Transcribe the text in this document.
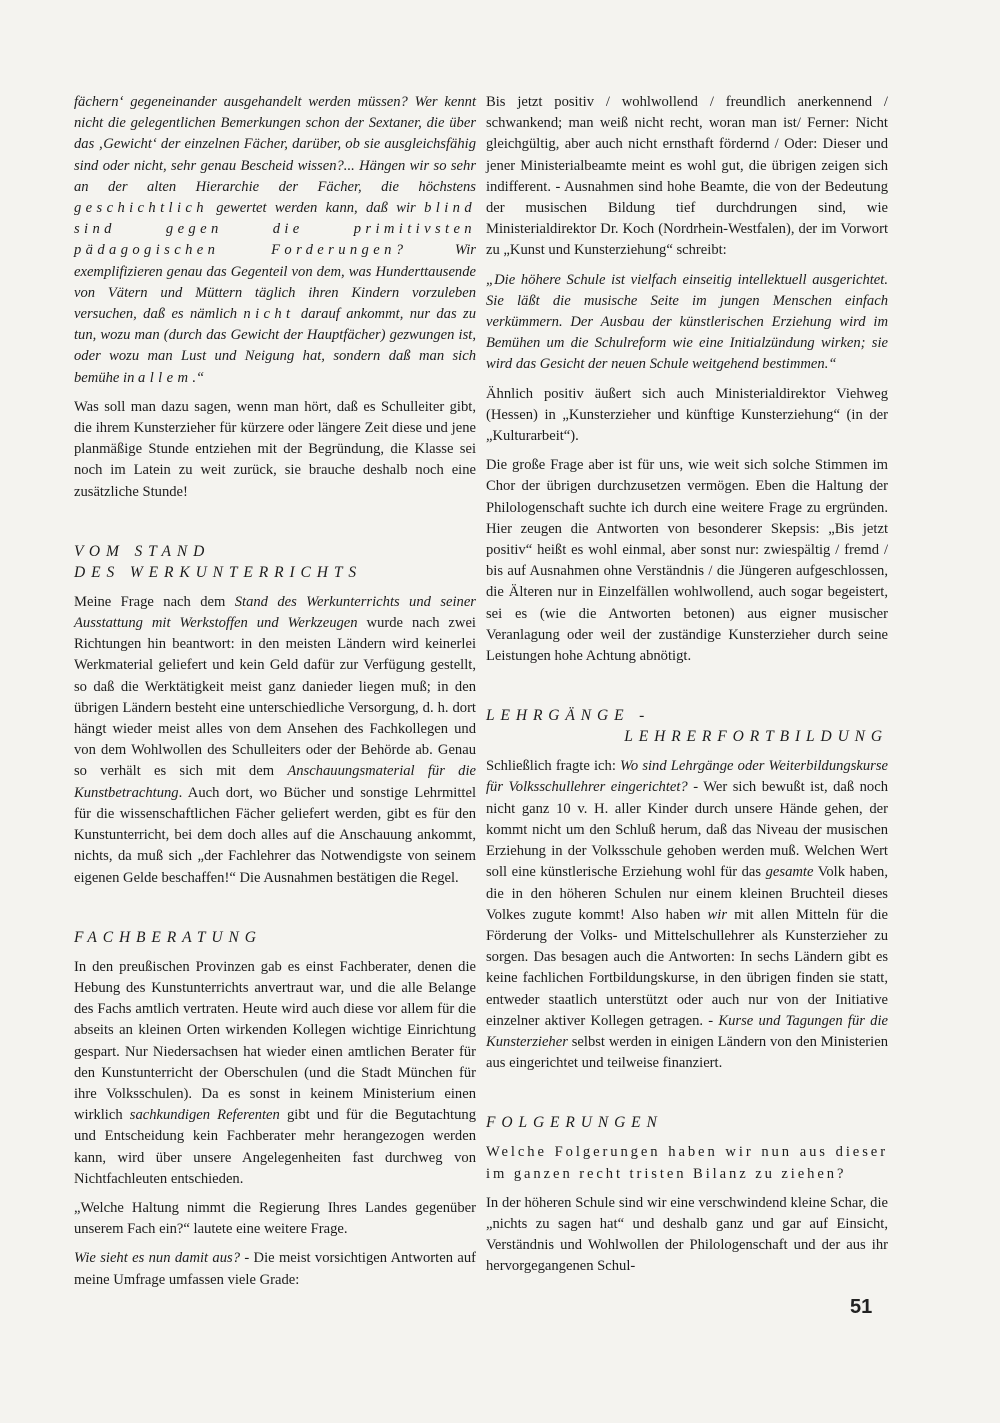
fächern‘ gegeneinander ausgehandelt werden müssen? Wer kennt nicht die gelegentlichen Bemerkungen schon der Sextaner, die über das ‚Gewicht‘ der einzelnen Fächer, darüber, ob sie ausgleichsfähig sind oder nicht, sehr genau Bescheid wissen?... Hängen wir so sehr an der alten Hierarchie der Fächer, die höchstens geschichtlich gewertet werden kann, daß wir blind sind gegen die primitivsten pädagogischen Forderungen?	Wir exemplifizieren genau das Gegenteil von dem, was Hunderttausende von Vätern und Müttern täglich ihren Kindern vorzuleben versuchen, daß es nämlich nicht darauf ankommt, nur das zu tun, wozu man (durch das Gewicht der Hauptfächer) gezwungen ist, oder wozu man Lust und Neigung hat, sondern daß man sich bemühe in allem.“

Was soll man dazu sagen, wenn man hört, daß es Schulleiter gibt, die ihrem Kunsterzieher für kürzere oder längere Zeit diese und jene planmäßige Stunde entziehen mit der Begründung, die Klasse sei noch im Latein zu weit zurück, sie brauche deshalb noch eine zusätzliche Stunde!

VOM STAND
DES WERKUNTERRICHTS

Meine Frage nach dem Stand des Werkunterrichts und seiner Ausstattung mit Werkstoffen und Werkzeugen wurde nach zwei Richtungen hin beantwort: in den meisten Ländern wird keinerlei Werkmaterial geliefert und kein Geld dafür zur Verfügung gestellt, so daß die Werktätigkeit meist ganz danieder liegen muß; in den übrigen Ländern besteht eine unterschiedliche Versorgung, d. h. dort hängt wieder meist alles von dem Ansehen des Fachkollegen und von dem Wohlwollen des Schulleiters oder der Behörde ab. Genau so verhält es sich mit dem Anschauungsmaterial für die Kunstbetrachtung. Auch dort, wo Bücher und sonstige Lehrmittel für die wissenschaftlichen Fächer geliefert werden, gibt es für den Kunstunterricht, bei dem doch alles auf die Anschauung ankommt, nichts, da muß sich „der Fachlehrer das Notwendigste von seinem eigenen Gelde beschaffen!“ Die Ausnahmen bestätigen die Regel.

FACHBERATUNG

In den preußischen Provinzen gab es einst Fachberater, denen die Hebung des Kunstunterrichts anvertraut war, und die alle Belange des Fachs amtlich vertraten. Heute wird auch diese vor allem für die abseits an kleinen Orten wirkenden Kollegen wichtige Einrichtung gespart. Nur Niedersachsen hat wieder einen amtlichen Berater für den Kunstunterricht der Oberschulen (und die Stadt München für ihre Volksschulen). Da es sonst in keinem Ministerium einen wirklich sachkundigen Referenten gibt und für die Begutachtung und Entscheidung kein Fachberater mehr herangezogen werden kann, wird über unsere Angelegenheiten fast durchweg von Nichtfachleuten entschieden.

„Welche Haltung nimmt die Regierung Ihres Landes gegenüber unserem Fach ein?“ lautete eine weitere Frage.

Wie sieht es nun damit aus? - Die meist vorsichtigen Antworten auf meine Umfrage umfassen viele Grade:

Bis jetzt positiv / wohlwollend / freundlich anerkennend / schwankend; man weiß nicht recht, woran man ist/ Ferner: Nicht gleichgültig, aber auch nicht ernsthaft fördernd / Oder: Dieser und jener Ministerialbeamte meint es wohl gut, die übrigen zeigen sich indifferent. - Ausnahmen sind hohe Beamte, die von der Bedeutung der musischen Bildung tief durchdrungen sind, wie Ministerialdirektor Dr. Koch (Nordrhein-Westfalen), der im Vorwort zu „Kunst und Kunsterziehung“ schreibt:

„Die höhere Schule ist vielfach einseitig intellektuell ausgerichtet. Sie läßt die musische Seite im jungen Menschen einfach verkümmern. Der Ausbau der künstlerischen Erziehung wird im Bemühen um die Schulreform wie eine Initialzündung wirken; sie wird das Gesicht der neuen Schule weitgehend bestimmen.“

Ähnlich positiv äußert sich auch Ministerialdirektor Viehweg (Hessen) in „Kunsterzieher und künftige Kunsterziehung“ (in der „Kulturarbeit“).

Die große Frage aber ist für uns, wie weit sich solche Stimmen im Chor der übrigen durchzusetzen vermögen. Eben die Haltung der Philologenschaft suchte ich durch eine weitere Frage zu ergründen. Hier zeugen die Antworten von besonderer Skepsis: „Bis jetzt positiv“ heißt es wohl einmal, aber sonst nur: zwiespältig / fremd / bis auf Ausnahmen ohne Verständnis / die Jüngeren aufgeschlossen, die Älteren nur in Einzelfällen wohlwollend, auch sogar begeistert, sei es (wie die Antworten betonen) aus eigner musischer Veranlagung oder weil der zuständige Kunsterzieher durch seine Leistungen hohe Achtung abnötigt.

LEHRGÄNGE -
LEHRERFORTBILDUNG

Schließlich fragte ich: Wo sind Lehrgänge oder Weiterbildungskurse für Volksschullehrer eingerichtet? - Wer sich bewußt ist, daß noch nicht ganz 10 v. H. aller Kinder durch unsere Hände gehen, der kommt nicht um den Schluß herum, daß das Niveau der musischen Erziehung in der Volksschule gehoben werden muß. Welchen Wert soll eine künstlerische Erziehung wohl für das gesamte Volk haben, die in den höheren Schulen nur einem kleinen Bruchteil dieses Volkes zugute kommt! Also haben wir mit allen Mitteln für die Förderung der Volks- und Mittelschullehrer als Kunsterzieher zu sorgen. Das besagen auch die Antworten: In sechs Ländern gibt es keine fachlichen Fortbildungskurse, in den übrigen finden sie statt, entweder staatlich unterstützt oder auch nur von der Initiative einzelner aktiver Kollegen getragen. - Kurse und Tagungen für die Kunsterzieher selbst werden in einigen Ländern von den Ministerien aus eingerichtet und teilweise finanziert.

FOLGERUNGEN

Welche Folgerungen haben wir nun aus dieser im ganzen recht tristen Bilanz zu ziehen?

In der höheren Schule sind wir eine verschwindend kleine Schar, die „nichts zu sagen hat“ und deshalb ganz und gar auf Einsicht, Verständnis und Wohlwollen der Philologenschaft und der aus ihr hervorgegangenen Schul-

51
